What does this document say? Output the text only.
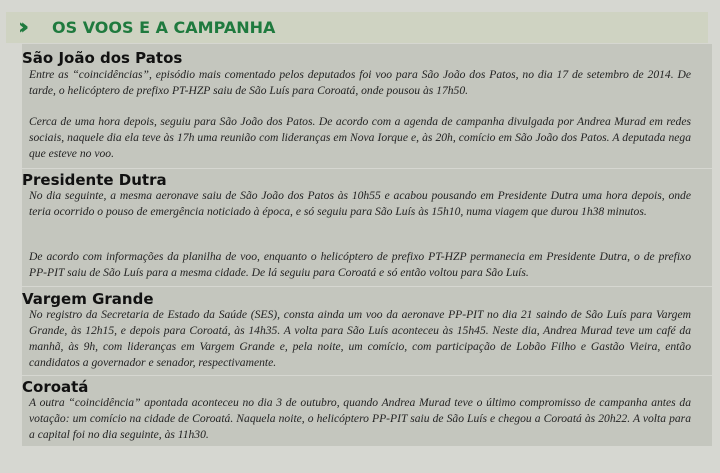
››	OS VOOS E A CAMPANHA
São João dos Patos

Entre as “coincidências”, episódio mais comentado pelos deputados foi voo para São João dos Patos, no dia 17 de setembro de 2014. De tarde, o helicóptero de prefixo PT-HZP saiu de São Luís para Coroatá, onde pousou às 17h50.

Cerca de uma hora depois, seguiu para São João dos Patos. De acordo com a agenda de campanha divulgada por Andrea Murad em redes sociais, naquele dia ela teve às 17h uma reunião com lideranças em Nova Iorque e, às 20h, comício em São João dos Patos. A deputada nega que esteve no voo.

Presidente Dutra

No dia seguinte, a mesma aeronave saiu de São João dos Patos às 10h55 e acabou pousando em Presidente Dutra uma hora depois, onde teria ocorrido o pouso de emergência noticiado à época, e só seguiu para São Luís às 15h10, numa viagem que durou 1h38 minutos.

De acordo com informações da planilha de voo, enquanto o helicóptero de prefixo PT-HZP permanecia em Presidente Dutra, o de prefixo PP-PIT saiu de São Luís para a mesma cidade. De lá seguiu para Coroatá e só então voltou para São Luís.

Vargem Grande

No registro da Secretaria de Estado da Saúde (SES), consta ainda um voo da aeronave PP-PIT no dia 21 saindo de São Luís para Vargem Grande, às 12h15, e depois para Coroatá, às 14h35. A volta para São Luís aconteceu às 15h45. Neste dia, Andrea Murad teve um café da manhã, às 9h, com lideranças em Vargem Grande e, pela noite, um comício, com participação de Lobão Filho e Gastão Vieira, então candidatos a governador e senador, respectivamente.

Coroatá

A outra “coincidência” apontada aconteceu no dia 3 de outubro, quando Andrea Murad teve o último compromisso de campanha antes da votação: um comício na cidade de Coroatá. Naquela noite, o helicóptero PP-PIT saiu de São Luís e chegou a Coroatá às 20h22. A volta para a capital foi no dia seguinte, às 11h30.
